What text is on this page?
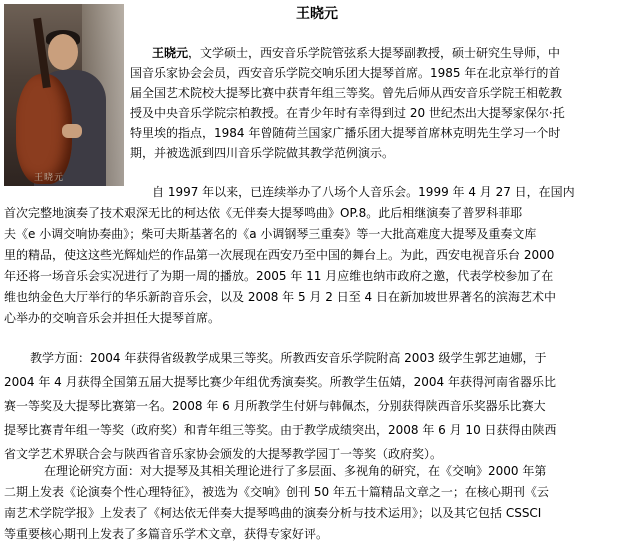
王晓元
王晓元
王晓元，文学硕士，西安音乐学院管弦系大提琴副教授，硕士研究生导师，中
国音乐家协会会员，西安音乐学院交响乐团大提琴首席。1985 年在北京举行的首
届全国艺术院校大提琴比赛中获青年组三等奖。曾先后师从西安音乐学院王相乾教
授及中央音乐学院宗柏教授。在青少年时有幸得到过 20 世纪杰出大提琴家保尔·托
特里埃的指点，1984 年曾随荷兰国家广播乐团大提琴首席林克明先生学习一个时
期，并被选派到四川音乐学院做其教学范例演示。
自 1997 年以来，已连续举办了八场个人音乐会。1999 年 4 月 27 日，在国内
首次完整地演奏了技术艰深无比的柯达依《无伴奏大提琴鸣曲》OP.8。此后相继演奏了普罗科菲耶
夫《e 小调交响协奏曲》；柴可夫斯基著名的《a 小调钢琴三重奏》等一大批高难度大提琴及重奏文库
里的精品，使这这些光辉灿烂的作品第一次展现在西安乃至中国的舞台上。为此，西安电视音乐台 2000
年还将一场音乐会实况进行了为期一周的播放。2005 年 11 月应维也纳市政府之邀，代表学校参加了在
维也纳金色大厅举行的华乐新韵音乐会，以及 2008 年 5 月 2 日至 4 日在新加坡世界著名的滨海艺术中
心举办的交响音乐会并担任大提琴首席。
教学方面：2004 年获得省级教学成果三等奖。所教西安音乐学院附高 2003 级学生郭艺迪娜，于
2004 年 4 月获得全国第五届大提琴比赛少年组优秀演奏奖。所教学生伍婧，2004 年获得河南省器乐比
赛一等奖及大提琴比赛第一名。2008 年 6 月所教学生付妍与韩佩杰，分别获得陕西音乐奖器乐比赛大
提琴比赛青年组一等奖（政府奖）和青年组三等奖。由于教学成绩突出，2008 年 6 月 10 日获得由陕西
省文学艺术界联合会与陕西省音乐家协会颁发的大提琴教学园丁一等奖（政府奖）。
在理论研究方面：对大提琴及其相关理论进行了多层面、多视角的研究，在《交响》2000 年第
二期上发表《论演奏个性心理特征》，被选为《交响》创刊 50 年五十篇精品文章之一；在核心期刊《云
南艺术学院学报》上发表了《柯达依无伴奏大提琴鸣曲的演奏分析与技术运用》；以及其它包括 CSSCI
等重要核心期刊上发表了多篇音乐学术文章，获得专家好评。
